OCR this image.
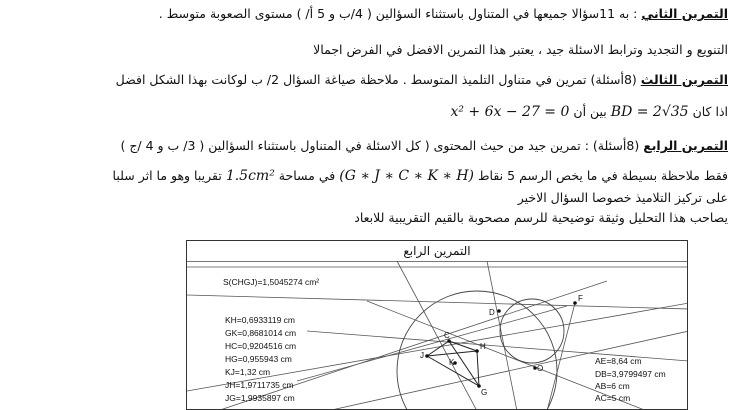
التمرين الثاني : به 11سؤالا جميعها في المتناول باستثناء السؤالين ( 4/ب و 5 أ/ ) مستوى الصعوبة متوسط .
التنويع و التجديد وترابط الاسئلة جيد ، يعتبر هذا التمرين الافضل في الفرض اجمالا
التمرين الثالث (8أسئلة) تمرين في متناول التلميذ المتوسط . ملاحظة صياغة السؤال 2/ ب لوكانت بهذا الشكل افضل
اذا كان BD = 2√35 بين أن x² + 6x − 27 = 0
التمرين الرابع (8أسئلة) : تمرين جيد من حيث المحتوى ( كل الاسئلة في المتناول باستثناء السؤالين ( 3/ ب و 4 /ج )
فقط ملاحظة بسيطة في ما يخص الرسم 5 نقاط (G ∗ J ∗ C ∗ K ∗ H) في مساحة 1.5cm² تقريبا وهو ما اثر سلبا
على تركيز التلاميذ خصوصا السؤال الاخير
يصاحب هذا التحليل وثيقة توضيحية للرسم مصحوبة بالقيم التقريبية للابعاد
التمرين الرابع
D
F
C
H
K
J
G
O
S(CHGJ)=1,5045274 cm²
KH=0,6933119 cm
GK=0,8681014 cm
HC=0,9204516 cm
HG=0,955943 cm
KJ=1,32 cm
JH=1,9711735 cm
JG=1,9935897 cm
AE=8,64 cm
DB=3,9799497 cm
AB=6 cm
AC=5 cm
